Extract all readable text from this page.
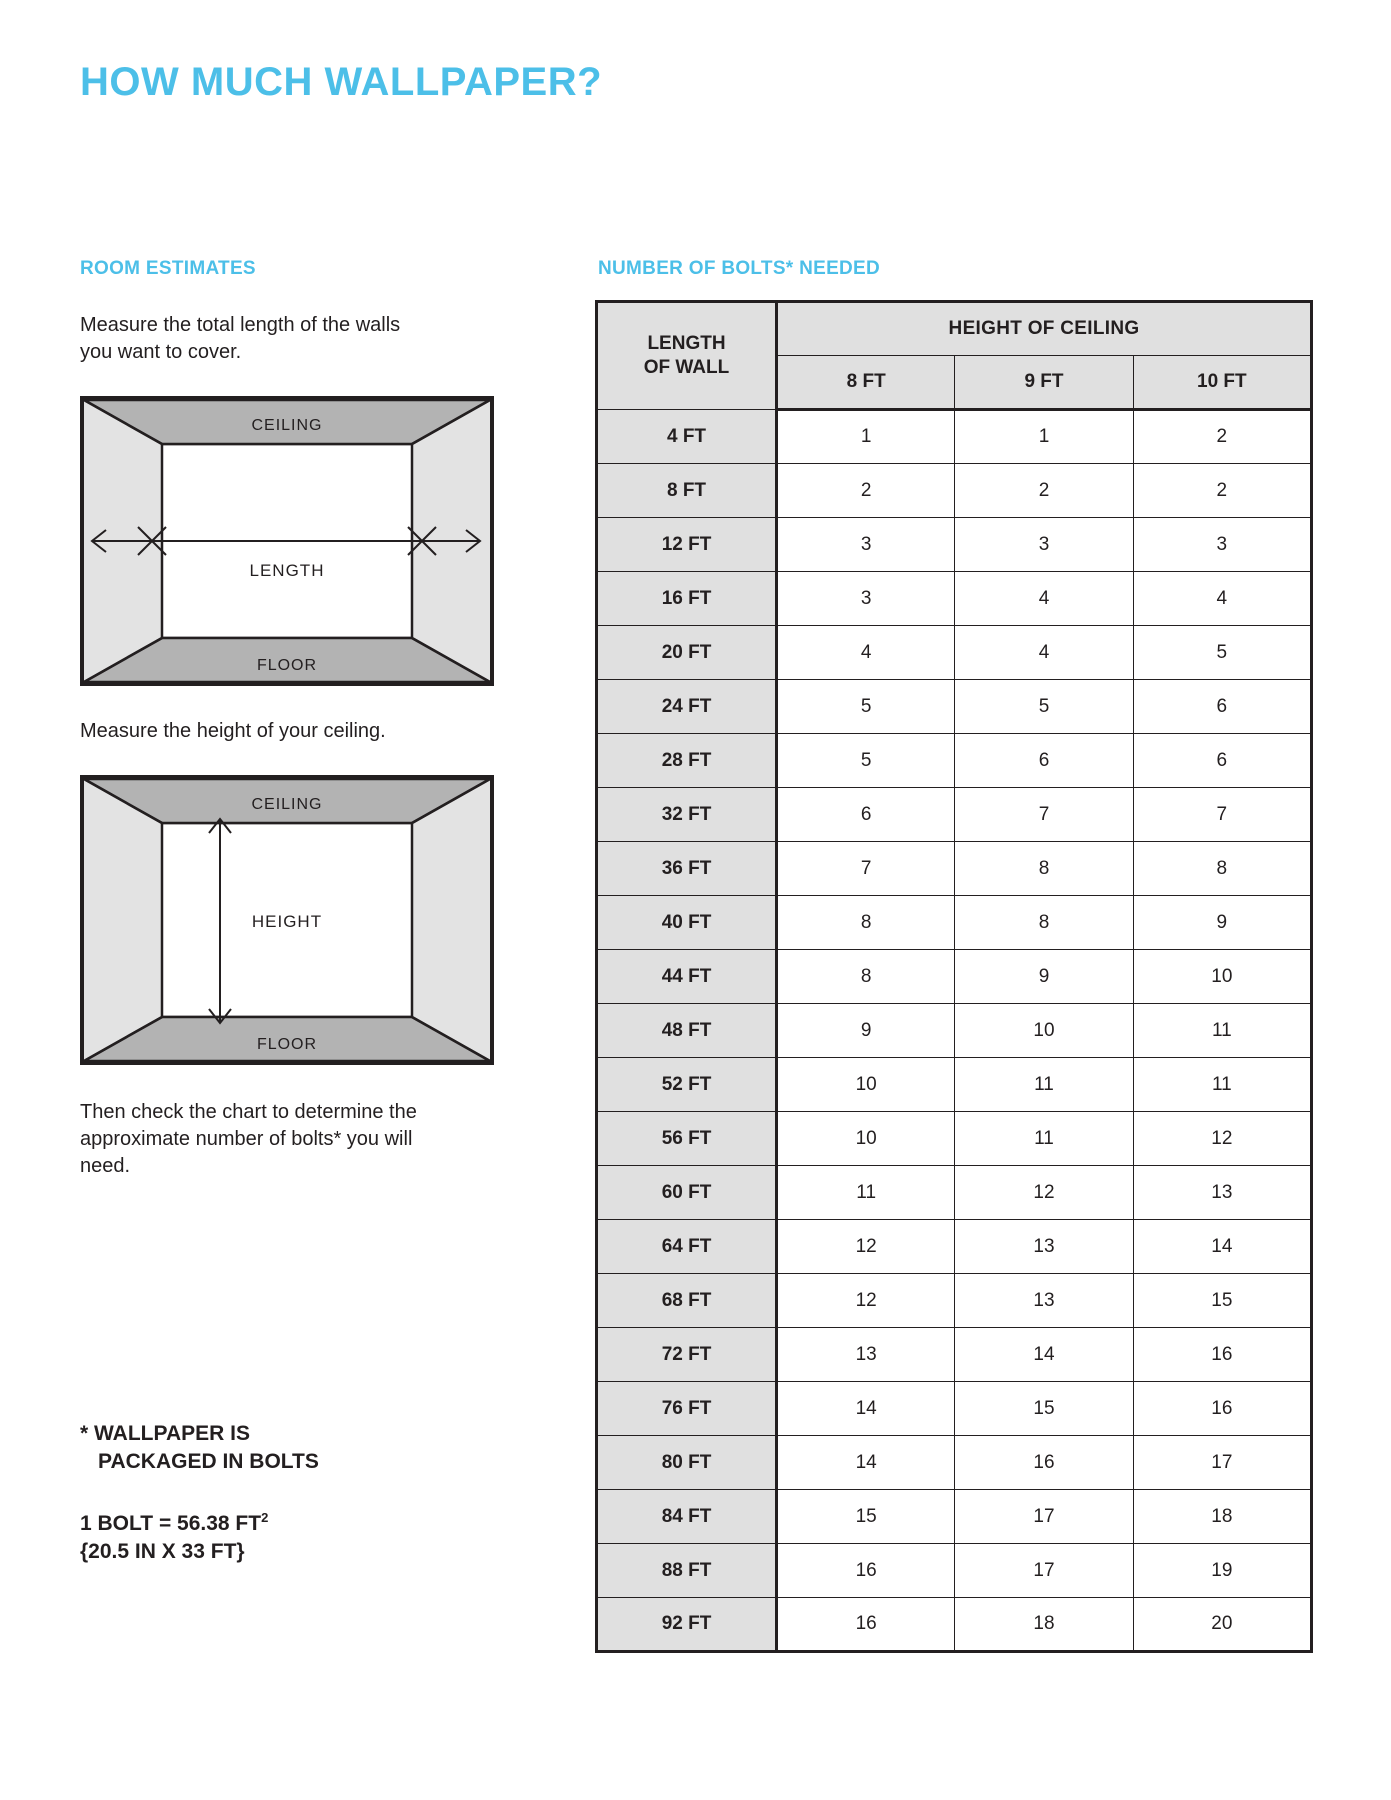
HOW MUCH WALLPAPER?
ROOM ESTIMATES

Measure the total length of the walls you want to cover.

CEILING
FLOOR
LENGTH

Measure the height of your ceiling.

CEILING
FLOOR
HEIGHT

Then check the chart to determine the approximate number of bolts* you will need.

* WALLPAPER IS

PACKAGED IN BOLTS

1 BOLT = 56.38 $FT^2$

{20.5 IN X 33 FT}

NUMBER OF BOLTS* NEEDED
LENGTH
OF WALL	HEIGHT OF CEILING		
	8 FT	9 FT	10 FT
4 FT	1	1	2
8 FT	2	2	2
12 FT	3	3	3
16 FT	3	4	4
20 FT	4	4	5
24 FT	5	5	6
28 FT	5	6	6
32 FT	6	7	7
36 FT	7	8	8
40 FT	8	8	9
44 FT	8	9	10
48 FT	9	10	11
52 FT	10	11	11
56 FT	10	11	12
60 FT	11	12	13
64 FT	12	13	14
68 FT	12	13	15
72 FT	13	14	16
76 FT	14	15	16
80 FT	14	16	17
84 FT	15	17	18
88 FT	16	17	19
92 FT	16	18	20
